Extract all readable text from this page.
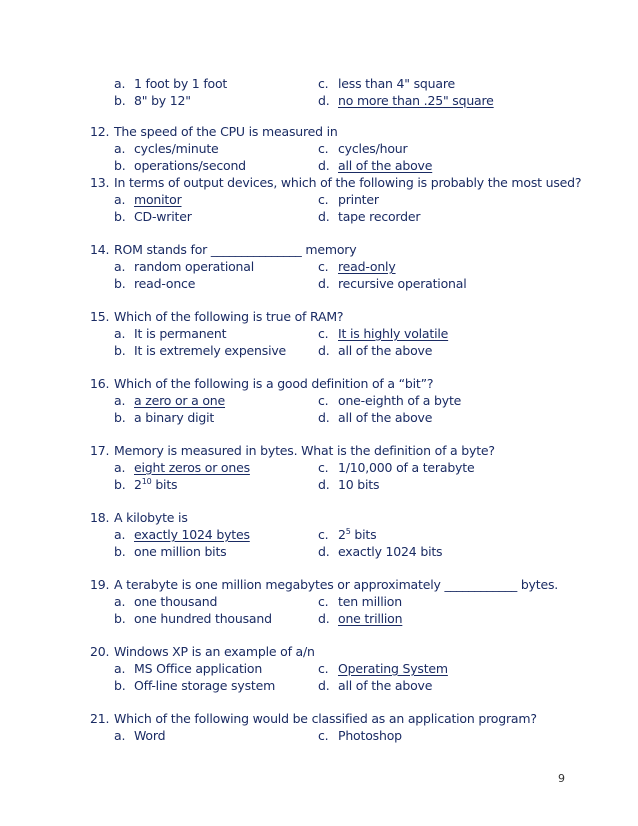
a. 1 foot by 1 foot	c. less than 4" square
b. 8" by 12"	d. no more than .25" square
12. The speed of the CPU is measured in
a. cycles/minute	c. cycles/hour
b. operations/second	d. all of the above
13. In terms of output devices, which of the following is probably the most used?
a. monitor	c. printer
b. CD-writer	d. tape recorder
14. ROM stands for _______________ memory
a. random operational	c. read-only
b. read-once	d. recursive operational
15. Which of the following is true of RAM?
a. It is permanent	c. It is highly volatile
b. It is extremely expensive	d. all of the above
16. Which of the following is a good definition of a “bit”?
a. a zero or a one	c. one-eighth of a byte
b. a binary digit	d. all of the above
17. Memory is measured in bytes. What is the definition of a byte?
a. eight zeros or ones	c. 1/10,000 of a terabyte
b. $2^{10}$ bits	d. 10 bits
18. A kilobyte is
a. exactly 1024 bytes	c. $2^5$ bits
b. one million bits	d. exactly 1024 bits
19. A terabyte is one million megabytes or approximately ____________ bytes.
a. one thousand	c. ten million
b. one hundred thousand	d. one trillion
20. Windows XP is an example of a/n
a. MS Office application	c. Operating System
b. Off-line storage system	d. all of the above
21. Which of the following would be classified as an application program?
a. Word	c. Photoshop
9
